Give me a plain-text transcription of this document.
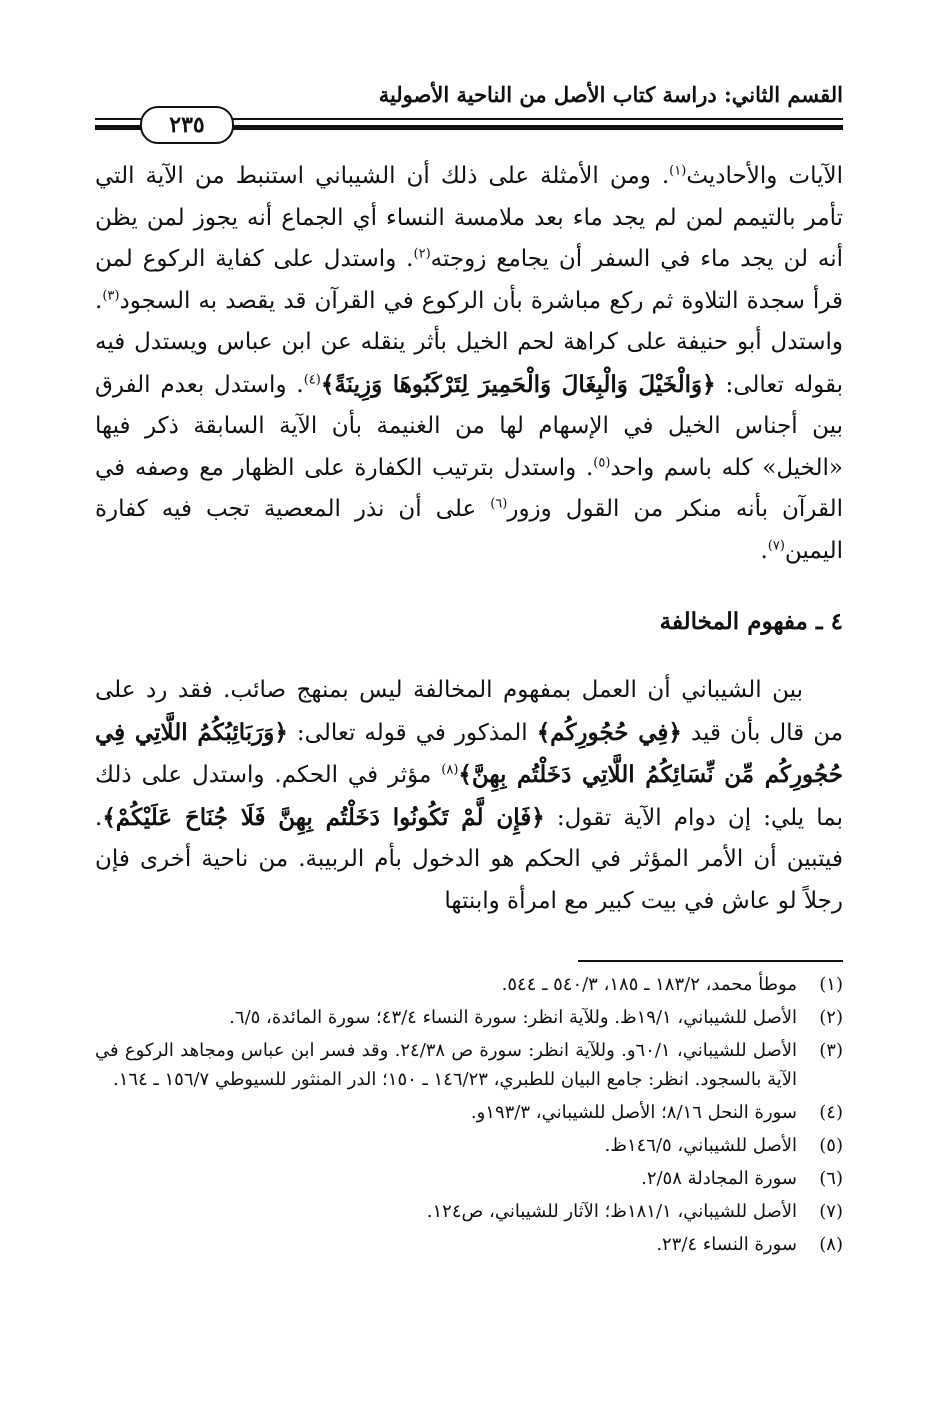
القسم الثاني: دراسة كتاب الأصل من الناحية الأصولية
٢٣٥

الآيات والأحاديث$^{(١)}$. ومن الأمثلة على ذلك أن الشيباني استنبط من الآية التي تأمر بالتيمم لمن لم يجد ماء بعد ملامسة النساء أي الجماع أنه يجوز لمن يظن أنه لن يجد ماء في السفر أن يجامع زوجته$^{(٢)}$. واستدل على كفاية الركوع لمن قرأ سجدة التلاوة ثم ركع مباشرة بأن الركوع في القرآن قد يقصد به السجود$^{(٣)}$. واستدل أبو حنيفة على كراهة لحم الخيل بأثر ينقله عن ابن عباس ويستدل فيه بقوله تعالى: ﴿وَالْخَيْلَ وَالْبِغَالَ وَالْحَمِيرَ لِتَرْكَبُوهَا وَزِينَةً﴾$^{(٤)}$. واستدل بعدم الفرق بين أجناس الخيل في الإسهام لها من الغنيمة بأن الآية السابقة ذكر فيها «الخيل» كله باسم واحد$^{(٥)}$. واستدل بترتيب الكفارة على الظهار مع وصفه في القرآن بأنه منكر من القول وزور$^{(٦)}$ على أن نذر المعصية تجب فيه كفارة اليمين$^{(٧)}$.

٤ ـ مفهوم المخالفة

بين الشيباني أن العمل بمفهوم المخالفة ليس بمنهج صائب. فقد رد على من قال بأن قيد ﴿فِي حُجُورِكُم﴾ المذكور في قوله تعالى: ﴿وَرَبَائِبُكُمُ اللَّاتِي فِي حُجُورِكُم مِّن نِّسَائِكُمُ اللَّاتِي دَخَلْتُم بِهِنَّ﴾$^{(٨)}$ مؤثر في الحكم. واستدل على ذلك بما يلي: إن دوام الآية تقول: ﴿فَإِن لَّمْ تَكُونُوا دَخَلْتُم بِهِنَّ فَلَا جُنَاحَ عَلَيْكُمْ﴾. فيتبين أن الأمر المؤثر في الحكم هو الدخول بأم الربيبة. من ناحية أخرى فإن رجلاً لو عاش في بيت كبير مع امرأة وابنتها

(١)
موطأ محمد، ١٨٣/٢ ـ ١٨٥، ٥٤٠/٣ ـ ٥٤٤.
(٢)
الأصل للشيباني، ١٩/١ظ. وللآية انظر: سورة النساء ٤٣/٤؛ سورة المائدة، ٦/٥.
(٣)
الأصل للشيباني، ٦٠/١و. وللآية انظر: سورة ص ٢٤/٣٨. وقد فسر ابن عباس ومجاهد الركوع في الآية بالسجود. انظر: جامع البيان للطبري، ١٤٦/٢٣ ـ ١٥٠؛ الدر المنثور للسيوطي ١٥٦/٧ ـ ١٦٤.
(٤)
سورة النحل ٨/١٦؛ الأصل للشيباني، ١٩٣/٣و.
(٥)
الأصل للشيباني، ١٤٦/٥ظ.
(٦)
سورة المجادلة ٢/٥٨.
(٧)
الأصل للشيباني، ١٨١/١ظ؛ الآثار للشيباني، ص١٢٤.
(٨)
سورة النساء ٢٣/٤.
